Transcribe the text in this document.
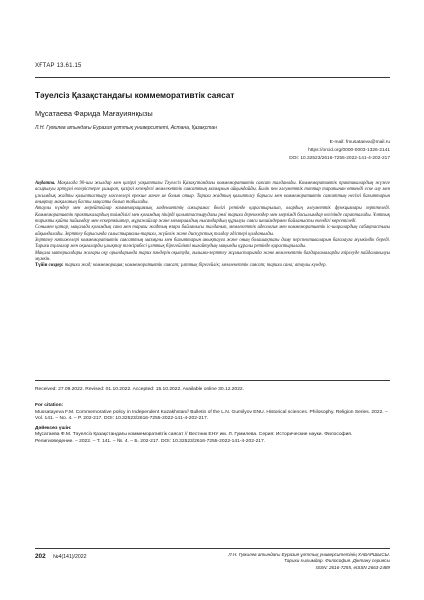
ХҒТАР 13.61.15
Тәуелсіз Қазақстандағы коммеморативтік саясат
Мұсатаева Фарида Мағауиянқызы
Л.Н. Гумилев атындағы Еуразия ұлттық университеті, Астана, Қазақстан
E-mail: fmusataeva@mail.ru
https://orcid.org/0000-0003-1326-2141
DOI: 10.32523/2616-7255-2022-141-4-202-217

Аңдатпа. Мақалада 90-шы жылдар мен қазіргі уақыттағы Тәуелсіз Қазақстандағы коммеморативтік саясат талданады. Коммеморативтік практикалардың жүзеге асырылуы әртүрлі өзгерістерге ұшырап, қазіргі кезеңдегі мемлекеттік саясаттың мазмұнын айқындайды. Билік пен әлеуметтік топтар тарапынан өткенді еске алу мен ұжымдық жадты қалыптастыру мәселелері ерекше мәнге ие болып отыр. Тарихи жадтың қалыптасу барысы мен коммеморативтік саясаттың негізгі бағыттарын анықтау мақаланың басты мақсаты болып табылады.

Атаулы күндер мен мерейтойлар коммеморациялық мәдениеттің ажырамас бөлігі ретінде қарастырылып, олардың әлеуметтік функциялары зерттеледі. Коммеморативтік практикалардың тиімділігі мен қоғамдық пікірді қалыптастырудағы рөлі тарихи дереккөздер мен мерзімді басылымдар негізінде сарапталады. Ұлттық тарихты қайта пайымдау мен ескерткіштер, мұражайлар және мемориалдық нысандардың құрылуы саяси шешімдермен байланысты екендігі көрсетіледі.

Сонымен қатар, мақалада қоғамдық сана мен тарихи жадтың өзара байланысы талданып, мемлекеттік идеология мен коммеморативтік іс-шаралардың сабақтастығы айқындалады. Зерттеу барысында салыстырмалы-тарихи, жүйелік және дискурстық талдау әдістері қолданылды.

Зерттеу нәтижелері коммеморативтік саясаттың мазмұны мен бағыттарын анықтауға және оның болашақтағы даму перспективаларын бағалауға мүмкіндік береді. Тарихи тұлғалар мен оқиғаларды ұлықтау тәжірибесі ұлттық бірегейлікті нығайтудың маңызды құралы ретінде қарастырылады.

Мақала материалдары жоғары оқу орындарында тарих пәндерін оқытуда, ғылыми-зерттеу жұмыстарында және мемлекеттік бағдарламаларды әзірлеуде пайдаланылуы мүмкін.

Түйін сөздер: тарихи жад; коммеморация; коммеморативтік саясат; ұлттық бірегейлік; мемлекеттік саясат; тарихи сана; атаулы күндер.

Received: 27.09.2022. Revised: 01.10.2022. Accepted: 15.10.2022. Available online 30.12.2022.

For citation:

Mussatayeva F.M. Commemorative policy in Independent Kazakhstan// Bulletin of the L.N. Gumilyov ENU. Historical sciences. Philosophy. Religion Series. 2022. – Vol. 141. – No. 4. – P. 202-217. DOI: 10.32523/2616-7255-2022-141-4-202-217.

Дәйексөз үшін:

Мұсатаева Ф.М. Тәуелсіз Қазақстандағы коммеморативтік саясат // Вестник ЕНУ им. Л. Гумилева. Серия: Исторические науки. Философия. Религиоведение. – 2022. – Т. 141. – №. 4. – Б. 202-217. DOI: 10.32523/2616-7255-2022-141-4-202-217.

202 №4(141)/2022	Л.Н. Гумилев атындағы Еуразия ұлттық университетінің ХАБАРШЫСЫ.
Тарихи ғылымдар. Философия. Дінтану сериясы
ISSN: 2616-7255, eISSN 2663-2489
